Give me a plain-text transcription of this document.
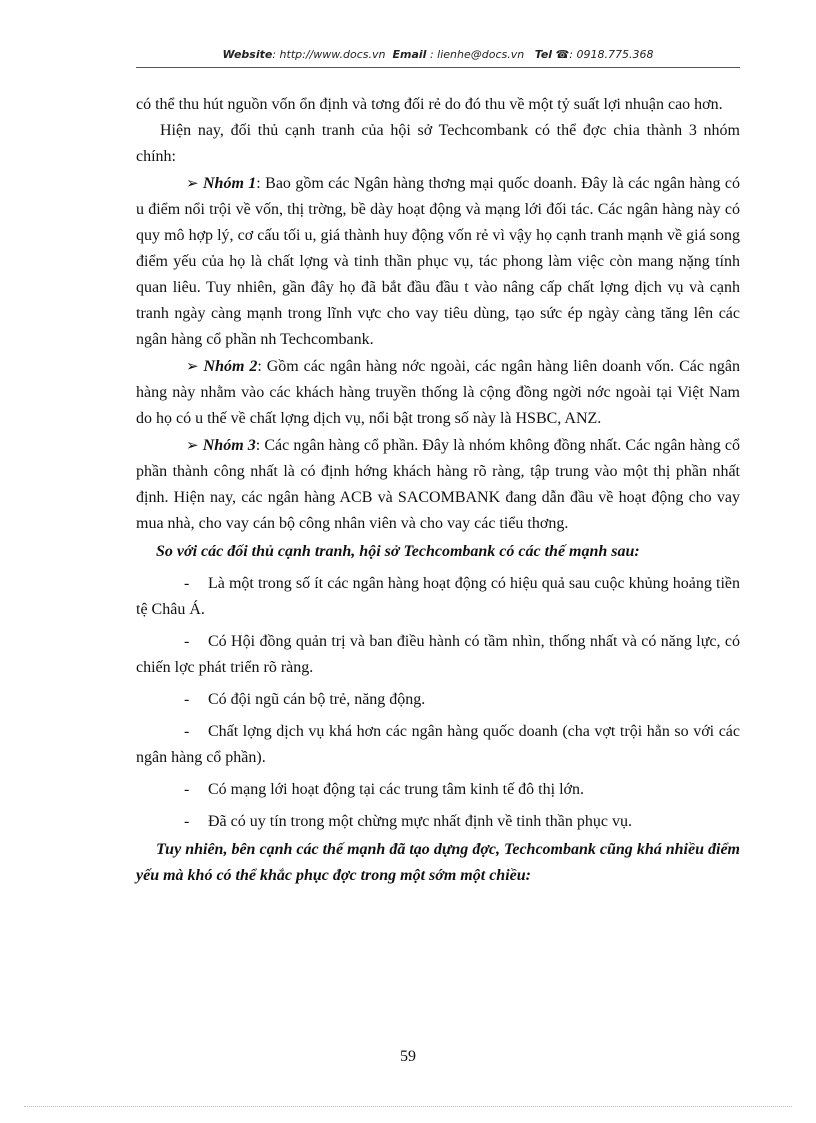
Website: http://www.docs.vn Email : lienhe@docs.vn Tel ☎: 0918.775.368

có thể thu hút nguồn vốn ổn định và tơng đối rẻ do đó thu về một tỷ suất lợi nhuận cao hơn.

Hiện nay, đối thủ cạnh tranh của hội sở Techcombank có thể đợc chia thành 3 nhóm chính:

➢ Nhóm 1: Bao gồm các Ngân hàng thơng mại quốc doanh. Đây là các ngân hàng có u điểm nổi trội về vốn, thị trờng, bề dày hoạt động và mạng lới đối tác. Các ngân hàng này có quy mô hợp lý, cơ cấu tối u, giá thành huy động vốn rẻ vì vậy họ cạnh tranh mạnh về giá song điểm yếu của họ là chất lợng và tinh thần phục vụ, tác phong làm việc còn mang nặng tính quan liêu. Tuy nhiên, gần đây họ đã bắt đầu đầu t vào nâng cấp chất lợng dịch vụ và cạnh tranh ngày càng mạnh trong lĩnh vực cho vay tiêu dùng, tạo sức ép ngày càng tăng lên các ngân hàng cổ phần nh Techcombank.

➢ Nhóm 2: Gồm các ngân hàng nớc ngoài, các ngân hàng liên doanh vốn. Các ngân hàng này nhằm vào các khách hàng truyền thống là cộng đồng ngời nớc ngoài tại Việt Nam do họ có u thế về chất lợng dịch vụ, nổi bật trong số này là HSBC, ANZ.

➢ Nhóm 3: Các ngân hàng cổ phần. Đây là nhóm không đồng nhất. Các ngân hàng cổ phần thành công nhất là có định hớng khách hàng rõ ràng, tập trung vào một thị phần nhất định. Hiện nay, các ngân hàng ACB và SACOMBANK đang dẫn đầu về hoạt động cho vay mua nhà, cho vay cán bộ công nhân viên và cho vay các tiểu thơng.

So với các đối thủ cạnh tranh, hội sở Techcombank có các thế mạnh sau:

- Là một trong số ít các ngân hàng hoạt động có hiệu quả sau cuộc khủng hoảng tiền tệ Châu Á.

- Có Hội đồng quản trị và ban điều hành có tầm nhìn, thống nhất và có năng lực, có chiến lợc phát triển rõ ràng.

- Có đội ngũ cán bộ trẻ, năng động.

- Chất lợng dịch vụ khá hơn các ngân hàng quốc doanh (cha vợt trội hẳn so với các ngân hàng cổ phần).

- Có mạng lới hoạt động tại các trung tâm kinh tế đô thị lớn.

- Đã có uy tín trong một chừng mực nhất định về tinh thần phục vụ.

Tuy nhiên, bên cạnh các thế mạnh đã tạo dựng đợc, Techcombank cũng khá nhiều điểm yếu mà khó có thể khắc phục đợc trong một sớm một chiều:

59
